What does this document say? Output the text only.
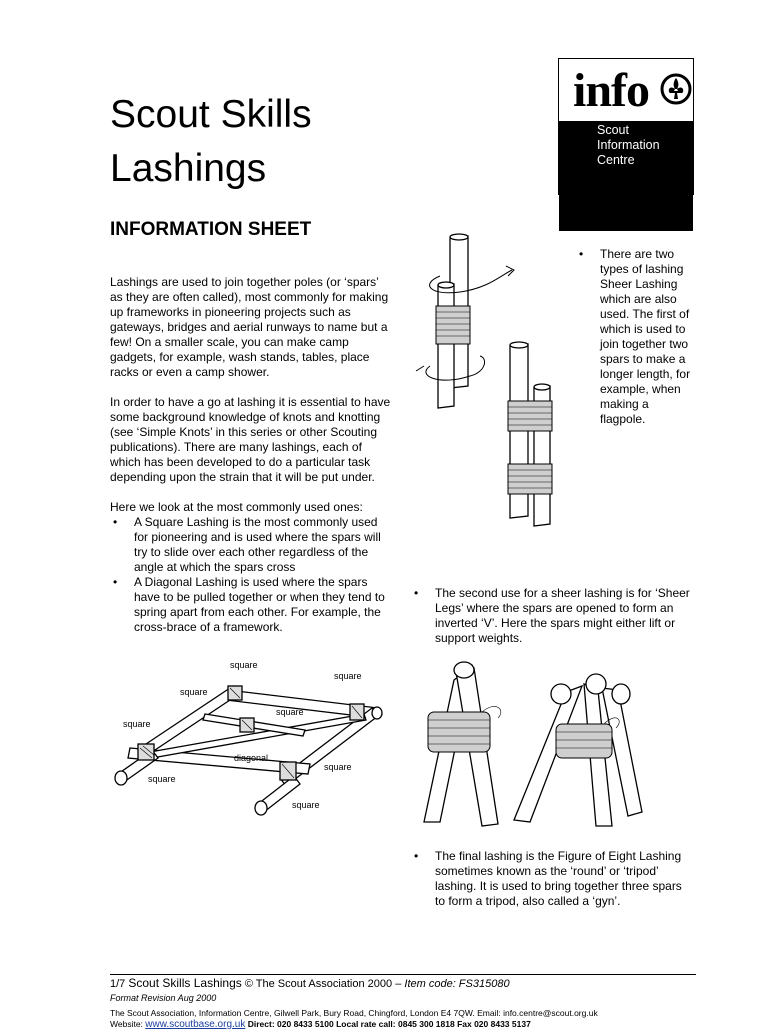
Scout Skills
Lashings
INFORMATION SHEET
info
Scout
Information
Centre
0845 300 1818

Lashings are used to join together poles (or ‘spars’ as they are often called), most commonly for making up frameworks in pioneering projects such as gateways, bridges and aerial runways to name but a few! On a smaller scale, you can make camp gadgets, for example, wash stands, tables, place racks or even a camp shower.

In order to have a go at lashing it is essential to have some background knowledge of knots and knotting (see ‘Simple Knots’ in this series or other Scouting publications). There are many lashings, each of which has been developed to do a particular task depending upon the strain that it will be put under.

Here we look at the most commonly used ones:

• A Square Lashing is the most commonly used for pioneering and is used where the spars will try to slide over each other regardless of the angle at which the spars cross
• A Diagonal Lashing is used where the spars have to be pulled together or when they tend to spring apart from each other. For example, the cross-brace of a framework.
square
square
square
square
square
diagonal
square
square
square
• There are two types of lashing Sheer Lashing which are also used. The first of which is used to join together two spars to make a longer length, for example, when making a flagpole.
• The second use for a sheer lashing is for ‘Sheer Legs’ where the spars are opened to form an inverted ‘V’. Here the spars might either lift or support weights.
• The final lashing is the Figure of Eight Lashing sometimes known as the ‘round’ or ‘tripod’ lashing. It is used to bring together three spars to form a tripod, also called a ‘gyn’.
1/7 Scout Skills Lashings © The Scout Association 2000 – Item code: FS315080
Format Revision Aug 2000
The Scout Association, Information Centre, Gilwell Park, Bury Road, Chingford, London E4 7QW. Email: info.centre@scout.org.uk
Website: www.scoutbase.org.uk Direct: 020 8433 5100 Local rate call: 0845 300 1818 Fax 020 8433 5137
